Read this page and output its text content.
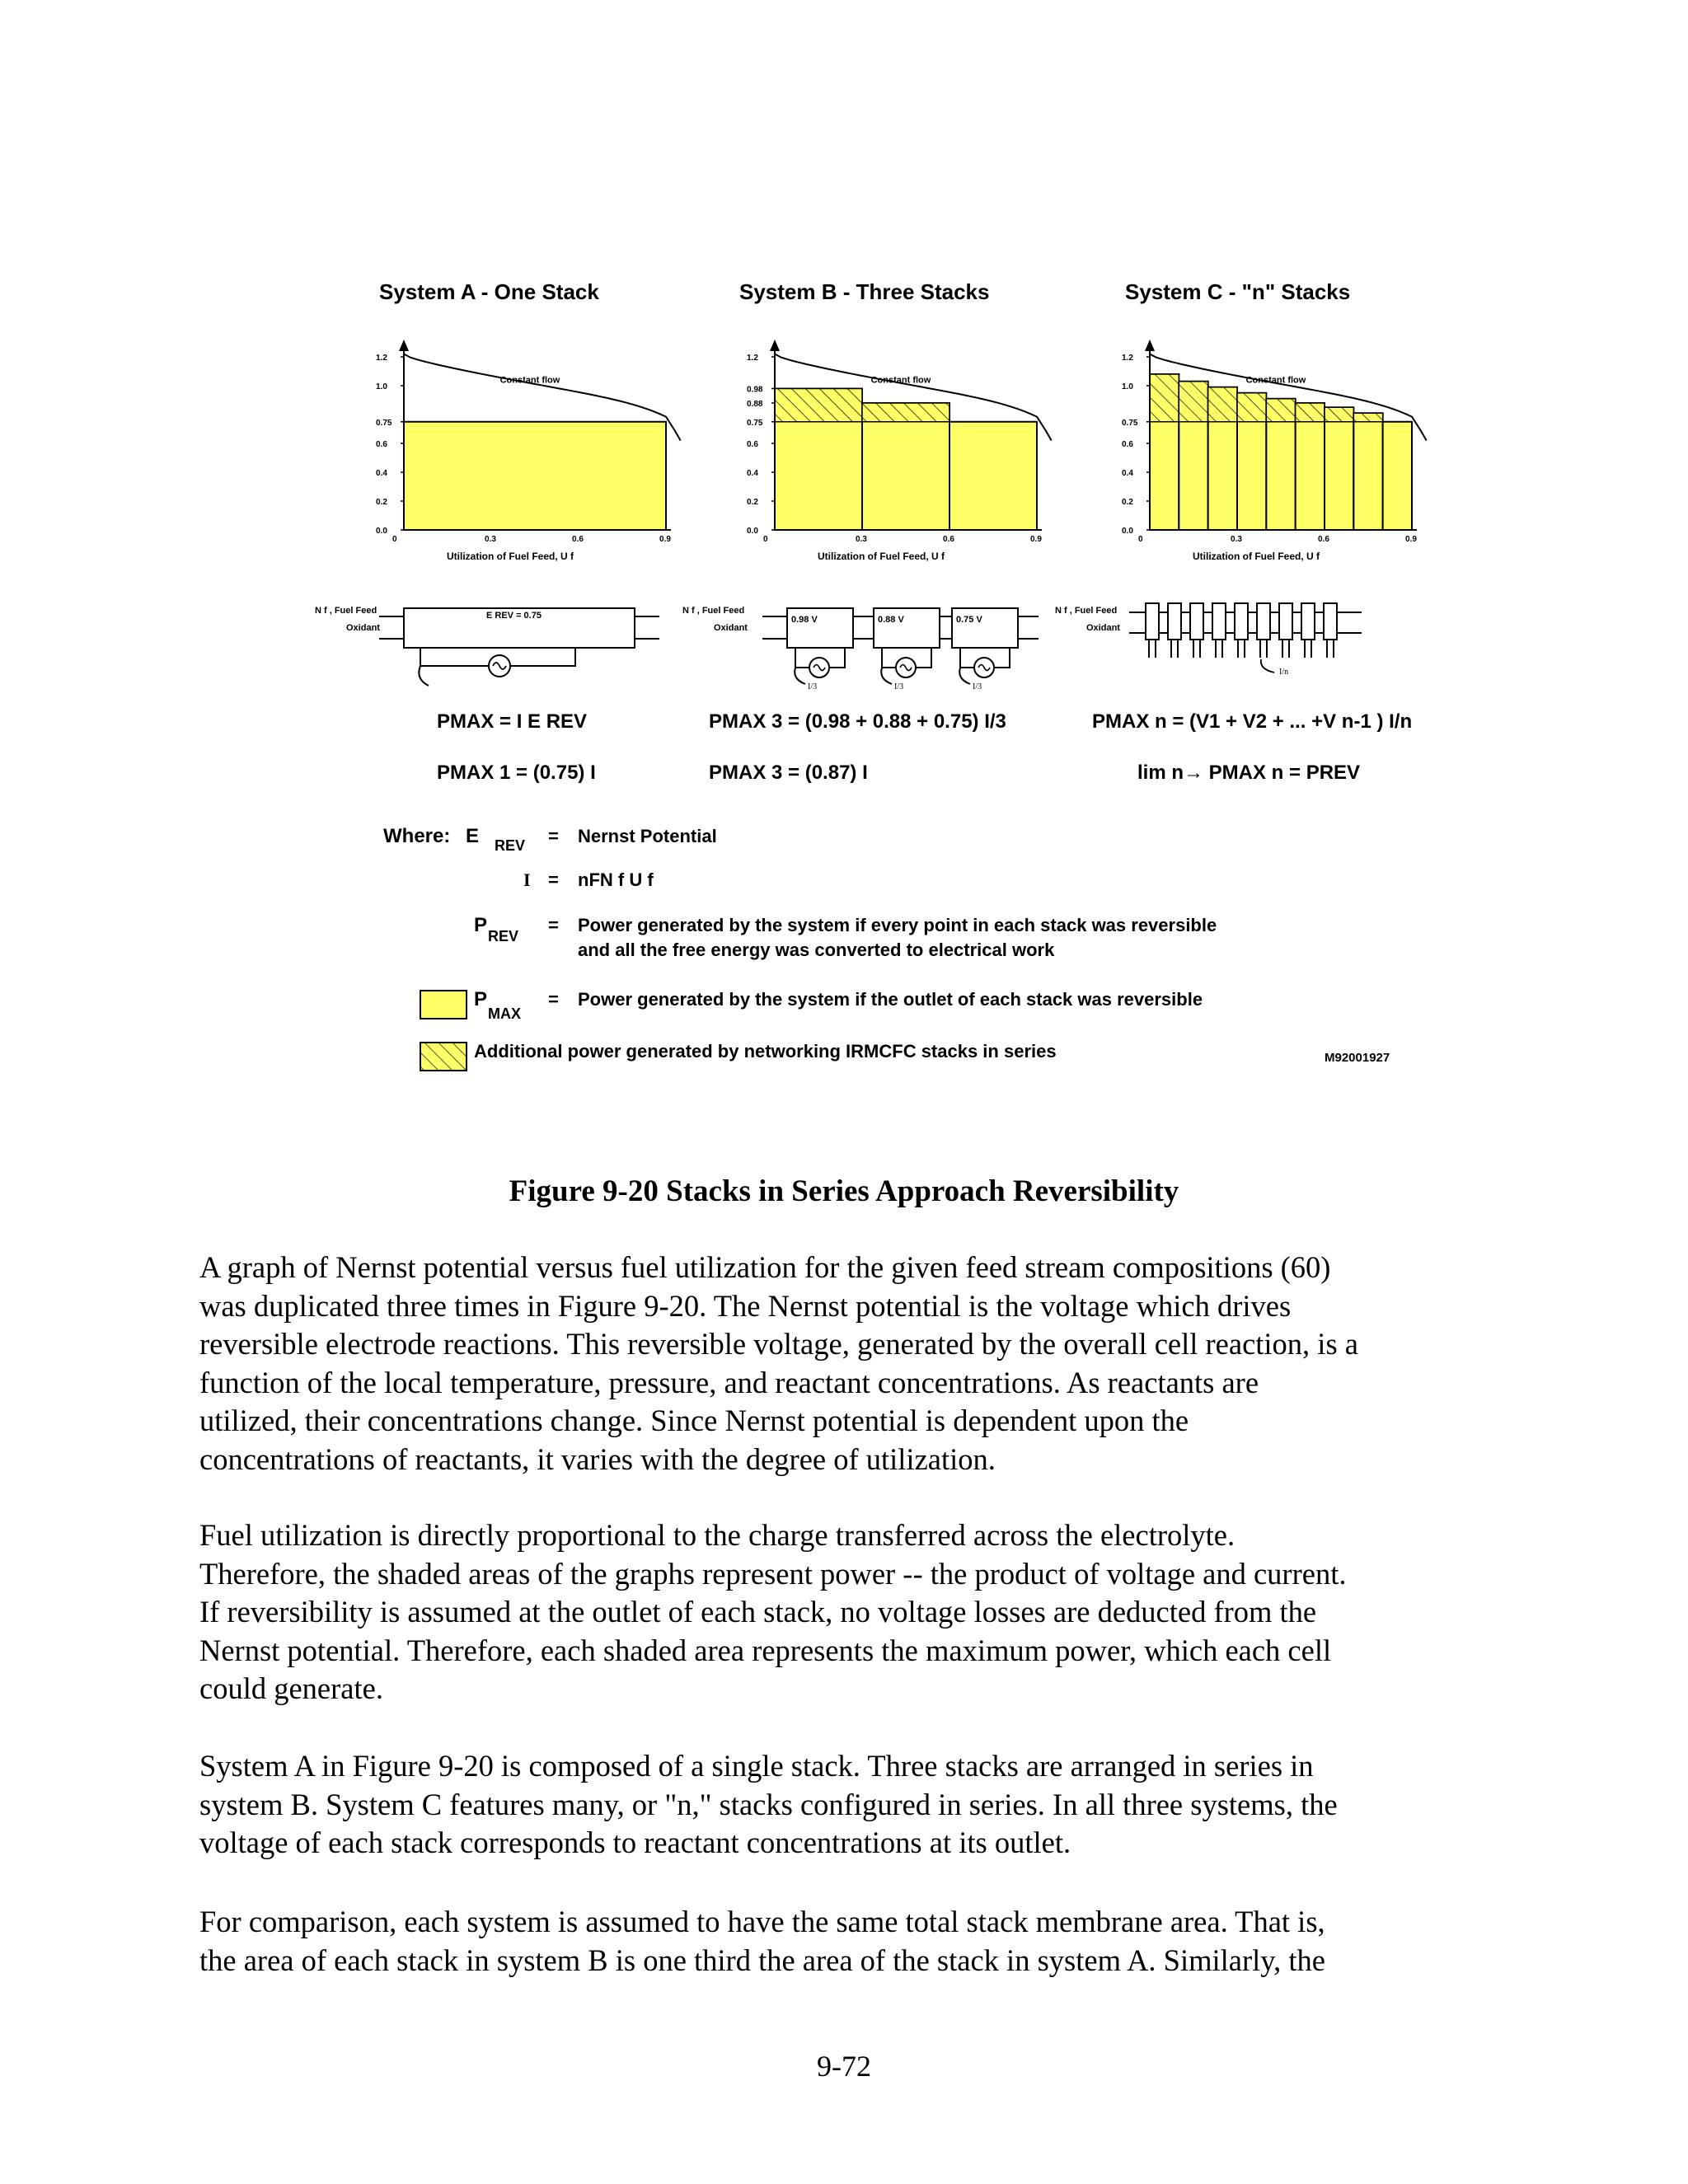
System A - One Stack	System B - Three Stacks	System C - "n" Stacks
1.2
1.0
0.75
0.6
0.4
0.2
0.0
0	0.3	0.6	0.9
Utilization of Fuel Feed, U f
Constant flow
1.2
0.98
0.88
0.75
0.6
0.4
0.2
0.0
0	0.3	0.6	0.9
Utilization of Fuel Feed, U f
Constant flow
1.2
1.0
0.75
0.6
0.4
0.2
0.0
0	0.3	0.6	0.9
Utilization of Fuel Feed, U f
Constant flow
N f , Fuel Feed
Oxidant
E REV = 0.75	N f , Fuel Feed
Oxidant
0.98 V	0.88 V	0.75 V
I/3	I/3	I/3
N f , Fuel Feed
Oxidant
I/n
PMAX = I E REV
PMAX 1 = (0.75) I
PMAX 3 = (0.98 + 0.88 + 0.75) I/3
PMAX 3 = (0.87) I
PMAX n = (V1 + V2 + ... +V n-1 ) I/n
lim n→ PMAX n = PREV
Where: E REV = Nernst Potential
I = nFN f U f
P REV
= Power generated by the system if every point in each stack was reversible
and all the free energy was converted to electrical work
P
MAX
= Power generated by the system if the outlet of each stack was reversible
Additional power generated by networking IRMCFC stacks in series	M92001927
Figure 9-20 Stacks in Series Approach Reversibility

A graph of Nernst potential versus fuel utilization for the given feed stream compositions (60)
was duplicated three times in Figure 9-20. The Nernst potential is the voltage which drives
reversible electrode reactions. This reversible voltage, generated by the overall cell reaction, is a
function of the local temperature, pressure, and reactant concentrations. As reactants are
utilized, their concentrations change. Since Nernst potential is dependent upon the
concentrations of reactants, it varies with the degree of utilization.

Fuel utilization is directly proportional to the charge transferred across the electrolyte.
Therefore, the shaded areas of the graphs represent power -- the product of voltage and current.
If reversibility is assumed at the outlet of each stack, no voltage losses are deducted from the
Nernst potential. Therefore, each shaded area represents the maximum power, which each cell
could generate.

System A in Figure 9-20 is composed of a single stack. Three stacks are arranged in series in
system B. System C features many, or "n," stacks configured in series. In all three systems, the
voltage of each stack corresponds to reactant concentrations at its outlet.

For comparison, each system is assumed to have the same total stack membrane area. That is,
the area of each stack in system B is one third the area of the stack in system A. Similarly, the

9-72
